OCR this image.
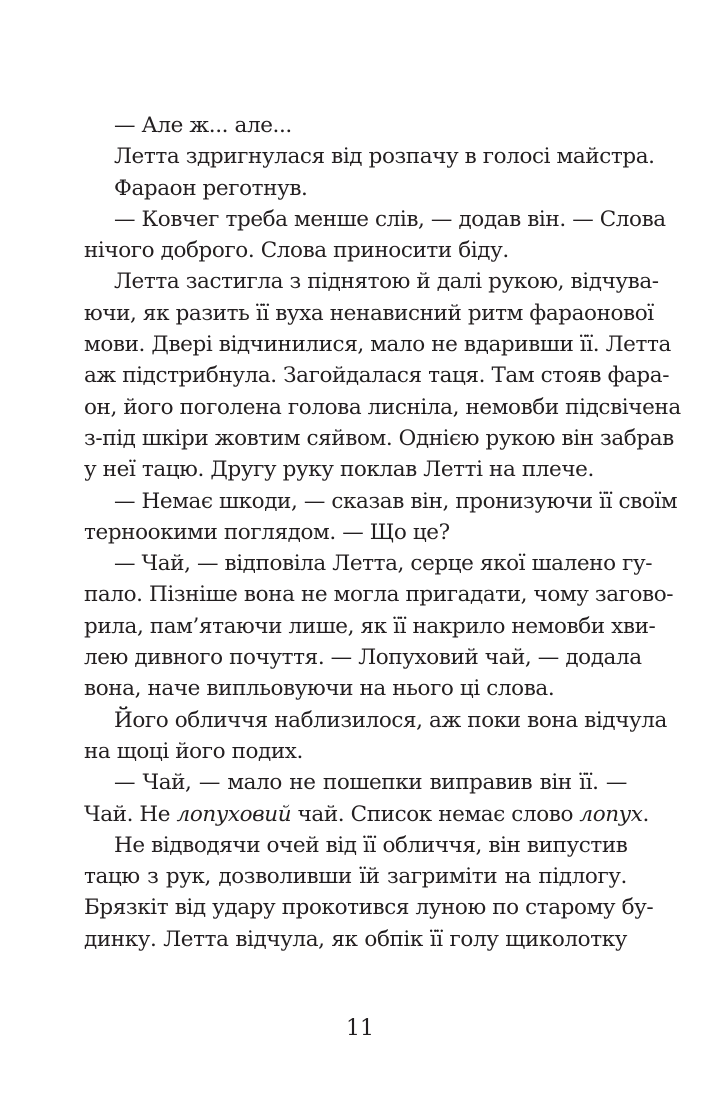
— Але ж... але...
Летта здригнулася від розпачу в голосі майстра.
Фараон реготнув.
— Ковчег треба менше слів, — додав він. — Слова
нічого доброго. Слова приносити біду.
Летта застигла з піднятою й далі рукою, відчува-
ючи, як разить її вуха ненависний ритм фараонової
мови. Двері відчинилися, мало не вдаривши її. Летта
аж підстрибнула. Загойдалася таця. Там стояв фара-
он, його поголена голова лисніла, немовби підсвічена
з-під шкіри жовтим сяйвом. Однією рукою він забрав
у неї тацю. Другу руку поклав Летті на плече.
— Немає шкоди, — сказав він, пронизуючи її своїм
терноокими поглядом. — Що це?
— Чай, — відповіла Летта, серце якої шалено гу-
пало. Пізніше вона не могла пригадати, чому загово-
рила, пам’ятаючи лише, як її накрило немовби хви-
лею дивного почуття. — Лопуховий чай, — додала
вона, наче випльовуючи на нього ці слова.
Його обличчя наблизилося, аж поки вона відчула
на щоці його подих.
— Чай, — мало не пошепки виправив він її. —
Чай. Не лопуховий чай. Список немає слово лопух.
Не відводячи очей від її обличчя, він випустив
тацю з рук, дозволивши їй загриміти на підлогу.
Брязкіт від удару прокотився луною по старому бу-
динку. Летта відчула, як обпік її голу щиколотку
11
